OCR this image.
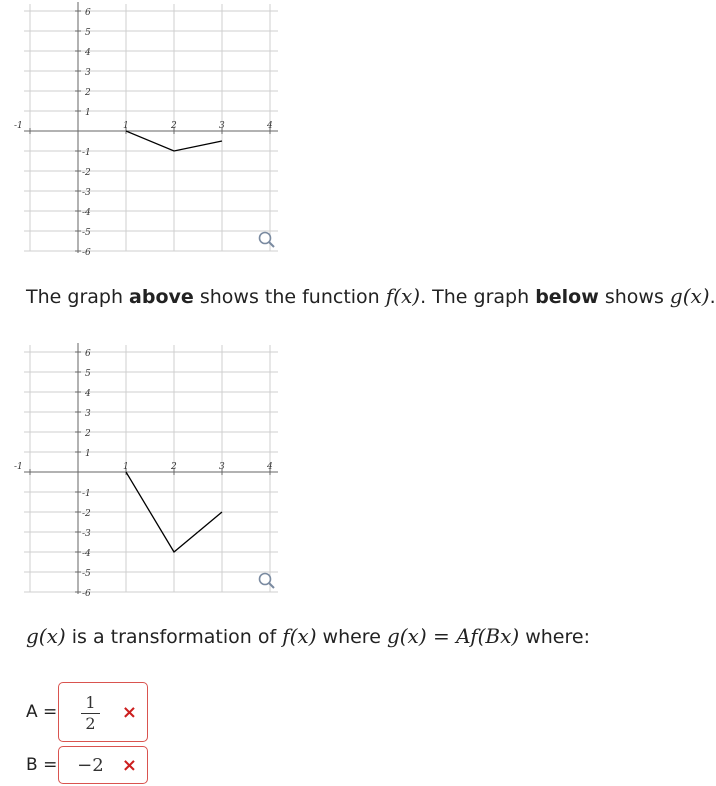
-1	1	2	3	4
6
5
4
3
2
1
-1
-2
-3
-4
-5
-6
The graph above shows the function f(x). The graph below shows g(x).
-1	1	2	3	4
6
5
4
3
2
1
-1
-2
-3
-4
-5
-6
g(x) is a transformation of f(x) where g(x) = Af(Bx) where:
$A = \frac{1}{2}$ ×
B =	−2	×
